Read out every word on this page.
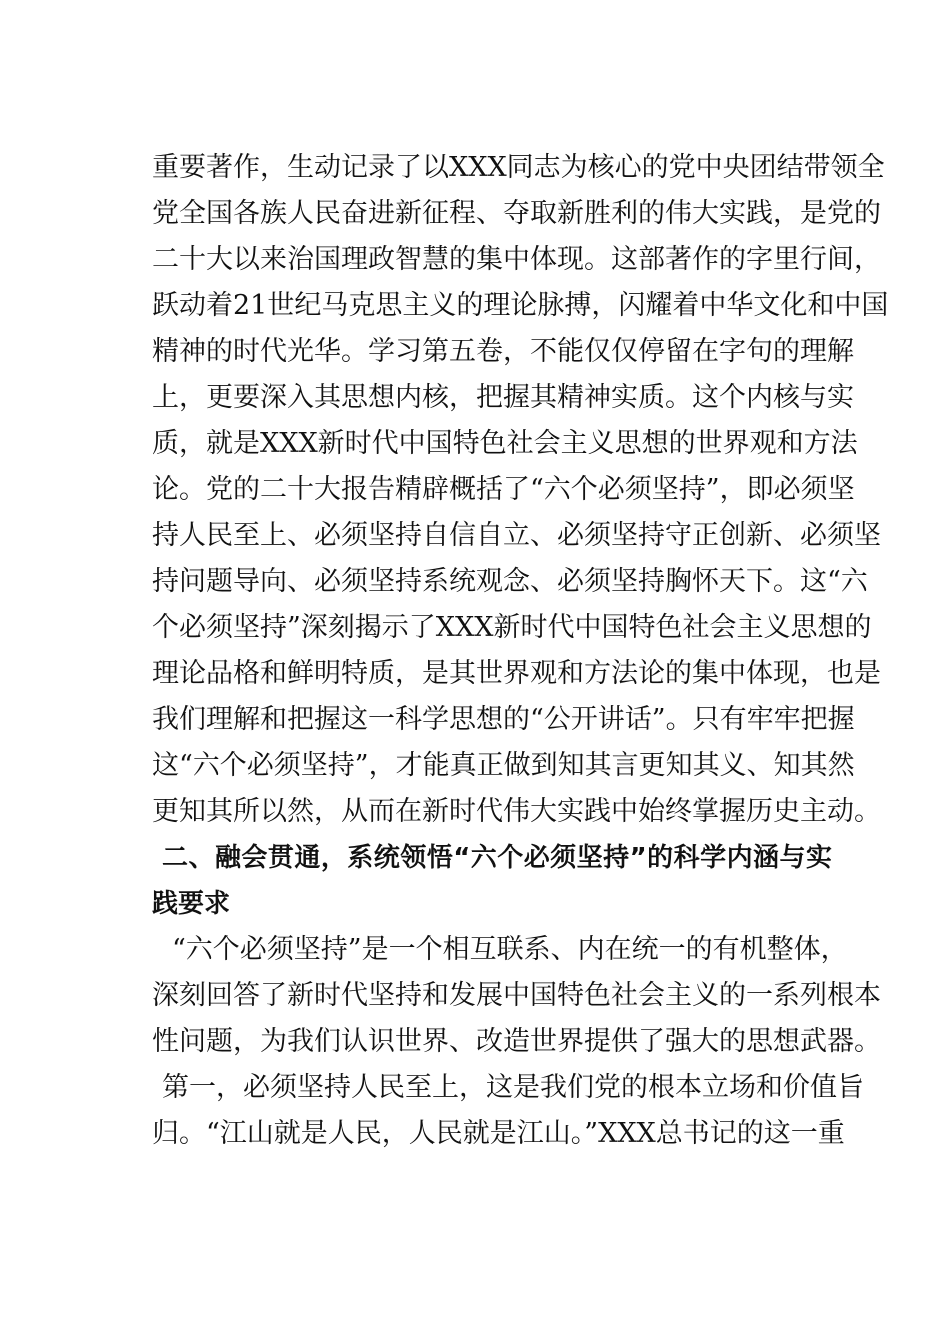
重要著作，生动记录了以XXX同志为核心的党中央团结带领全
党全国各族人民奋进新征程、夺取新胜利的伟大实践，是党的
二十大以来治国理政智慧的集中体现。这部著作的字里行间，
跃动着21世纪马克思主义的理论脉搏，闪耀着中华文化和中国
精神的时代光华。学习第五卷，不能仅仅停留在字句的理解
上，更要深入其思想内核，把握其精神实质。这个内核与实
质，就是XXX新时代中国特色社会主义思想的世界观和方法
论。党的二十大报告精辟概括了“六个必须坚持”，即必须坚
持人民至上、必须坚持自信自立、必须坚持守正创新、必须坚
持问题导向、必须坚持系统观念、必须坚持胸怀天下。这“六
个必须坚持”深刻揭示了XXX新时代中国特色社会主义思想的
理论品格和鲜明特质，是其世界观和方法论的集中体现，也是
我们理解和把握这一科学思想的“公开讲话”。只有牢牢把握
这“六个必须坚持”，才能真正做到知其言更知其义、知其然
更知其所以然，从而在新时代伟大实践中始终掌握历史主动。
二、融会贯通，系统领悟“六个必须坚持”的科学内涵与实
践要求
“六个必须坚持”是一个相互联系、内在统一的有机整体，
深刻回答了新时代坚持和发展中国特色社会主义的一系列根本
性问题，为我们认识世界、改造世界提供了强大的思想武器。
第一，必须坚持人民至上，这是我们党的根本立场和价值旨
归。“江山就是人民，人民就是江山。”XXX总书记的这一重
